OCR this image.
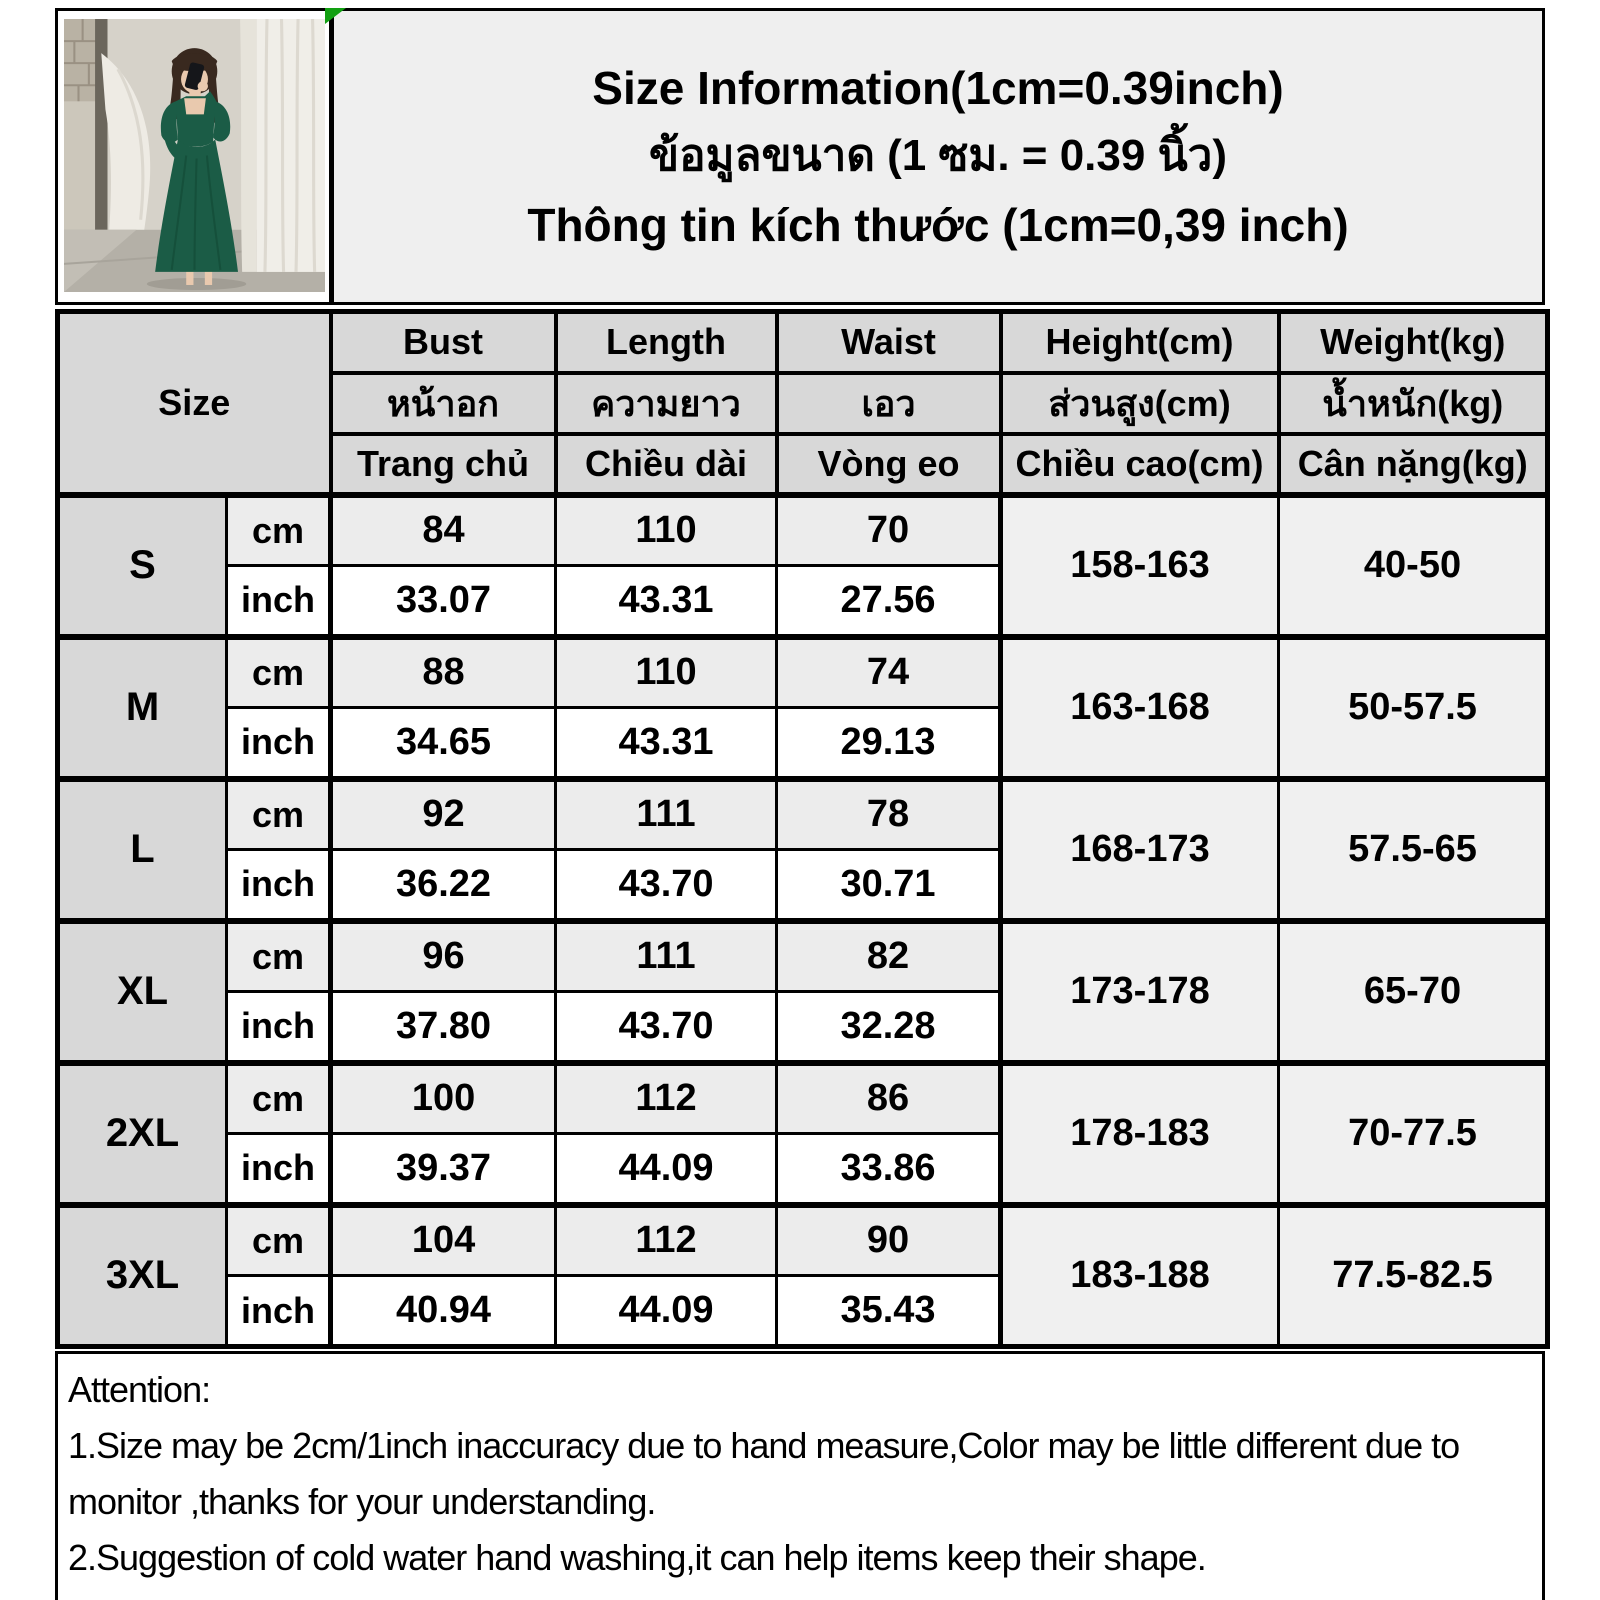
Size Information(1cm=0.39inch)
ข้อมูลขนาด (1 ซม. = 0.39 นิ้ว)
Thông tin kích thước (1cm=0,39 inch)
Size		Bust	Length	Waist	Height(cm)	Weight(kg)
		หน้าอก	ความยาว	เอว	ส่วนสูง(cm)	น้ำหนัก(kg)
		Trang chủ	Chiều dài	Vòng eo	Chiều cao(cm)	Cân nặng(kg)
S	cm	84	110	70	158-163	40-50
	inch	33.07	43.31	27.56		
M	cm	88	110	74	163-168	50-57.5
	inch	34.65	43.31	29.13		
L	cm	92	111	78	168-173	57.5-65
	inch	36.22	43.70	30.71		
XL	cm	96	111	82	173-178	65-70
	inch	37.80	43.70	32.28		
2XL	cm	100	112	86	178-183	70-77.5
	inch	39.37	44.09	33.86		
3XL	cm	104	112	90	183-188	77.5-82.5
	inch	40.94	44.09	35.43		
Attention:
1.Size may be 2cm/1inch inaccuracy due to hand measure,Color may be little different due to monitor ,thanks for your understanding.
2.Suggestion of cold water hand washing,it can help items keep their shape.
